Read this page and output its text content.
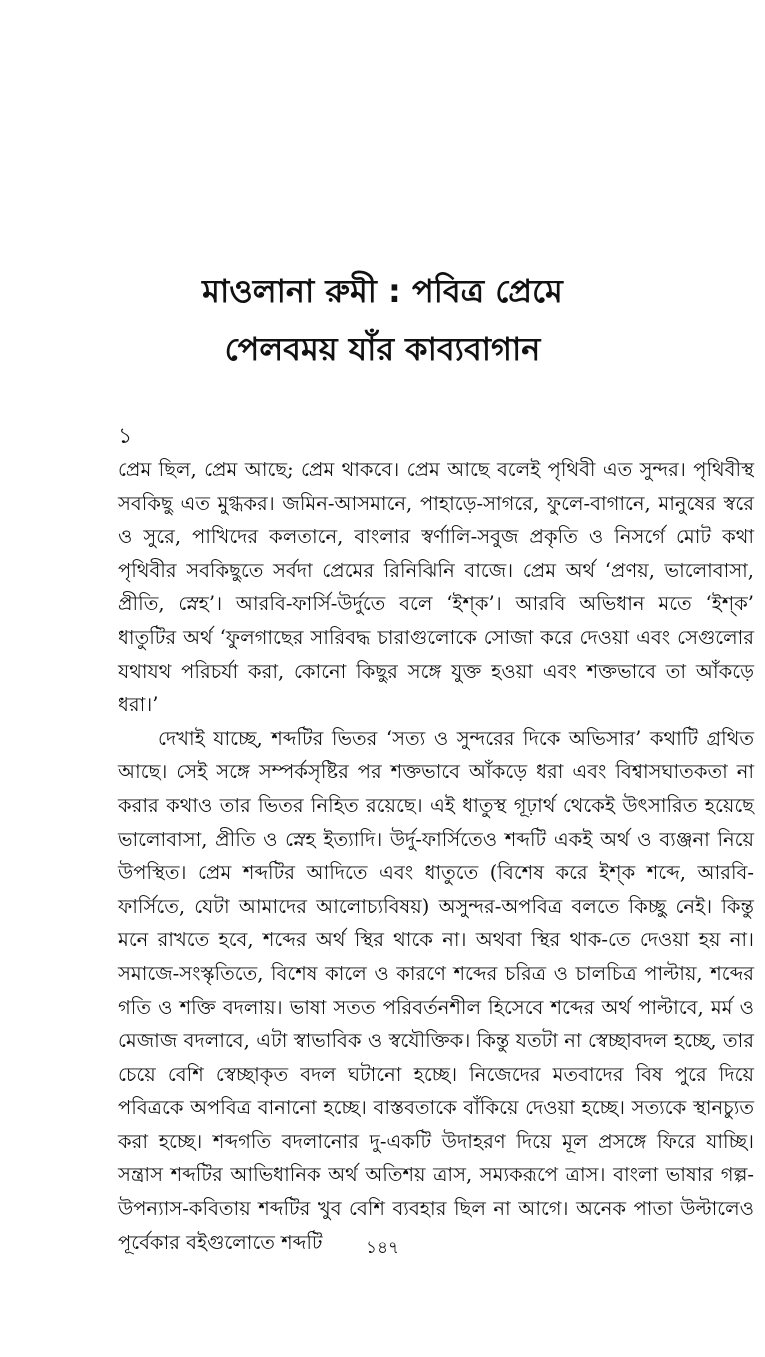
মাওলানা রুমী : পবিত্র প্রেমে
পেলবময় যাঁর কাব্যবাগান
১

প্রেম ছিল, প্রেম আছে; প্রেম থাকবে। প্রেম আছে বলেই পৃথিবী এত সুন্দর। পৃথিবীস্থ সবকিছু এত মুগ্ধকর। জমিন-আসমানে, পাহাড়ে-সাগরে, ফুলে-বাগানে, মানুষের স্বরে ও সুরে, পাখিদের কলতানে, বাংলার স্বর্ণালি-সবুজ প্রকৃতি ও নিসর্গে মোট কথা পৃথিবীর সবকিছুতে সর্বদা প্রেমের রিনিঝিনি বাজে। প্রেম অর্থ ‘প্রণয়, ভালোবাসা, প্রীতি, স্নেহ’। আরবি-ফার্সি-উর্দুতে বলে ‘ইশ্‌ক’। আরবি অভিধান মতে ‘ইশ্‌ক’ ধাতুটির অর্থ ‘ফুলগাছের সারিবদ্ধ চারাগুলোকে সোজা করে দেওয়া এবং সেগুলোর যথাযথ পরিচর্যা করা, কোনো কিছুর সঙ্গে যুক্ত হওয়া এবং শক্তভাবে তা আঁকড়ে ধরা।’

দেখাই যাচ্ছে, শব্দটির ভিতর ‘সত্য ও সুন্দরের দিকে অভিসার’ কথাটি গ্রথিত আছে। সেই সঙ্গে সম্পর্কসৃষ্টির পর শক্তভাবে আঁকড়ে ধরা এবং বিশ্বাসঘাতকতা না করার কথাও তার ভিতর নিহিত রয়েছে। এই ধাতুস্থ গূঢ়ার্থ থেকেই উৎসারিত হয়েছে ভালোবাসা, প্রীতি ও স্নেহ ইত্যাদি। উর্দু-ফার্সিতেও শব্দটি একই অর্থ ও ব্যঞ্জনা নিয়ে উপস্থিত। প্রেম শব্দটির আদিতে এবং ধাতুতে (বিশেষ করে ইশ্‌ক শব্দে, আরবি-ফার্সিতে, যেটা আমাদের আলোচ্যবিষয়) অসুন্দর-অপবিত্র বলতে কিচ্ছু নেই। কিন্তু মনে রাখতে হবে, শব্দের অর্থ স্থির থাকে না। অথবা স্থির থাক-তে দেওয়া হয় না। সমাজে-সংস্কৃতিতে, বিশেষ কালে ও কারণে শব্দের চরিত্র ও চালচিত্র পাল্টায়, শব্দের গতি ও শক্তি বদলায়। ভাষা সতত পরিবর্তনশীল হিসেবে শব্দের অর্থ পাল্টাবে, মর্ম ও মেজাজ বদলাবে, এটা স্বাভাবিক ও স্বযৌক্তিক। কিন্তু যতটা না স্বেচ্ছাবদল হচ্ছে, তার চেয়ে বেশি স্বেচ্ছাকৃত বদল ঘটানো হচ্ছে। নিজেদের মতবাদের বিষ পুরে দিয়ে পবিত্রকে অপবিত্র বানানো হচ্ছে। বাস্তবতাকে বাঁকিয়ে দেওয়া হচ্ছে। সত্যকে স্থানচ্যুত করা হচ্ছে। শব্দগতি বদলানোর দু-একটি উদাহরণ দিয়ে মূল প্রসঙ্গে ফিরে যাচ্ছি। সন্ত্রাস শব্দটির আভিধানিক অর্থ অতিশয় ত্রাস, সম্যকরূপে ত্রাস। বাংলা ভাষার গল্প-উপন্যাস-কবিতায় শব্দটির খুব বেশি ব্যবহার ছিল না আগে। অনেক পাতা উল্টালেও পূর্বেকার বইগুলোতে শব্দটি	১৪৭
